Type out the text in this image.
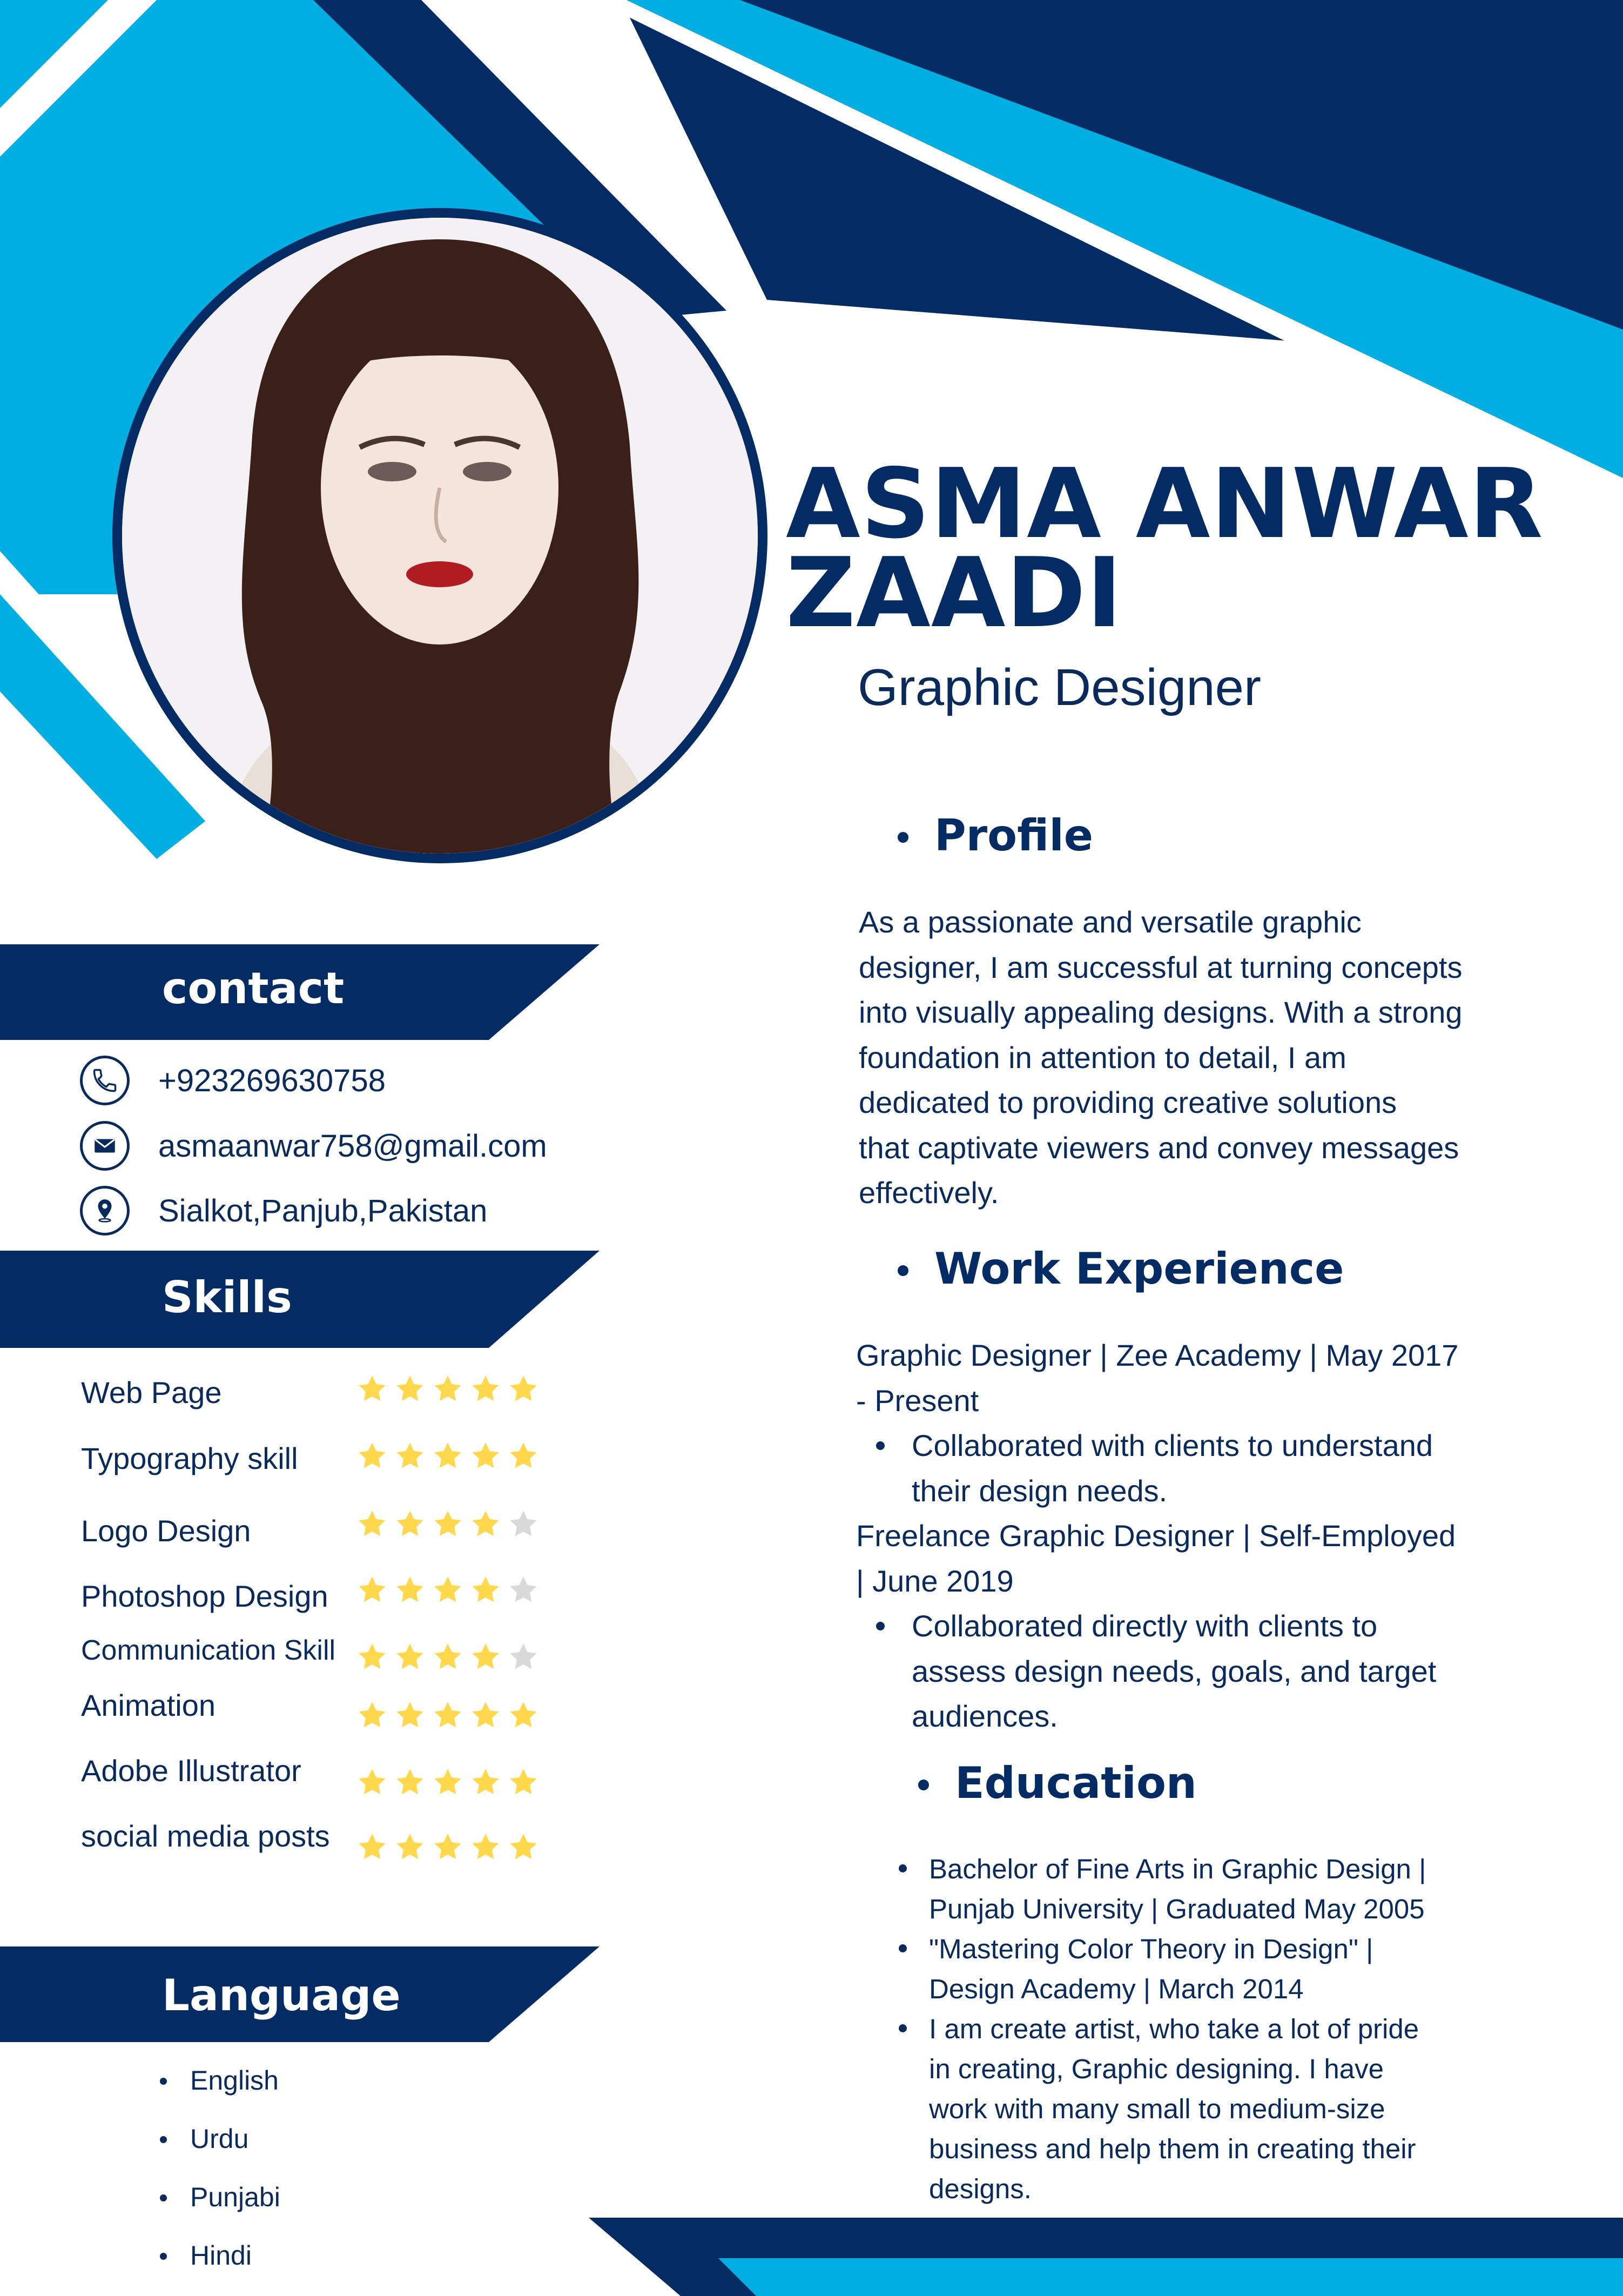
ASMA ANWAR
ZAADI
Graphic Designer
contact
+923269630758
asmaanwar758@gmail.com
Sialkot,Panjub,Pakistan
Skills
Web Page
Typography skill
Logo Design
Photoshop Design
Communication Skill
Animation
Adobe Illustrator
social media posts
Language
English
Urdu
Punjabi
Hindi
Profile
As a passionate and versatile graphic
designer, I am successful at turning concepts
into visually appealing designs. With a strong
foundation in attention to detail, I am
dedicated to providing creative solutions
that captivate viewers and convey messages
effectively.
Work Experience
Graphic Designer | Zee Academy | May 2017
- Present
Collaborated with clients to understand
their design needs.
Freelance Graphic Designer | Self-Employed
| June 2019
Collaborated directly with clients to
assess design needs, goals, and target
audiences.
Education
Bachelor of Fine Arts in Graphic Design |
Punjab University | Graduated May 2005
"Mastering Color Theory in Design" |
Design Academy | March 2014
I am create artist, who take a lot of pride
in creating, Graphic designing. I have
work with many small to medium-size
business and help them in creating their
designs.
